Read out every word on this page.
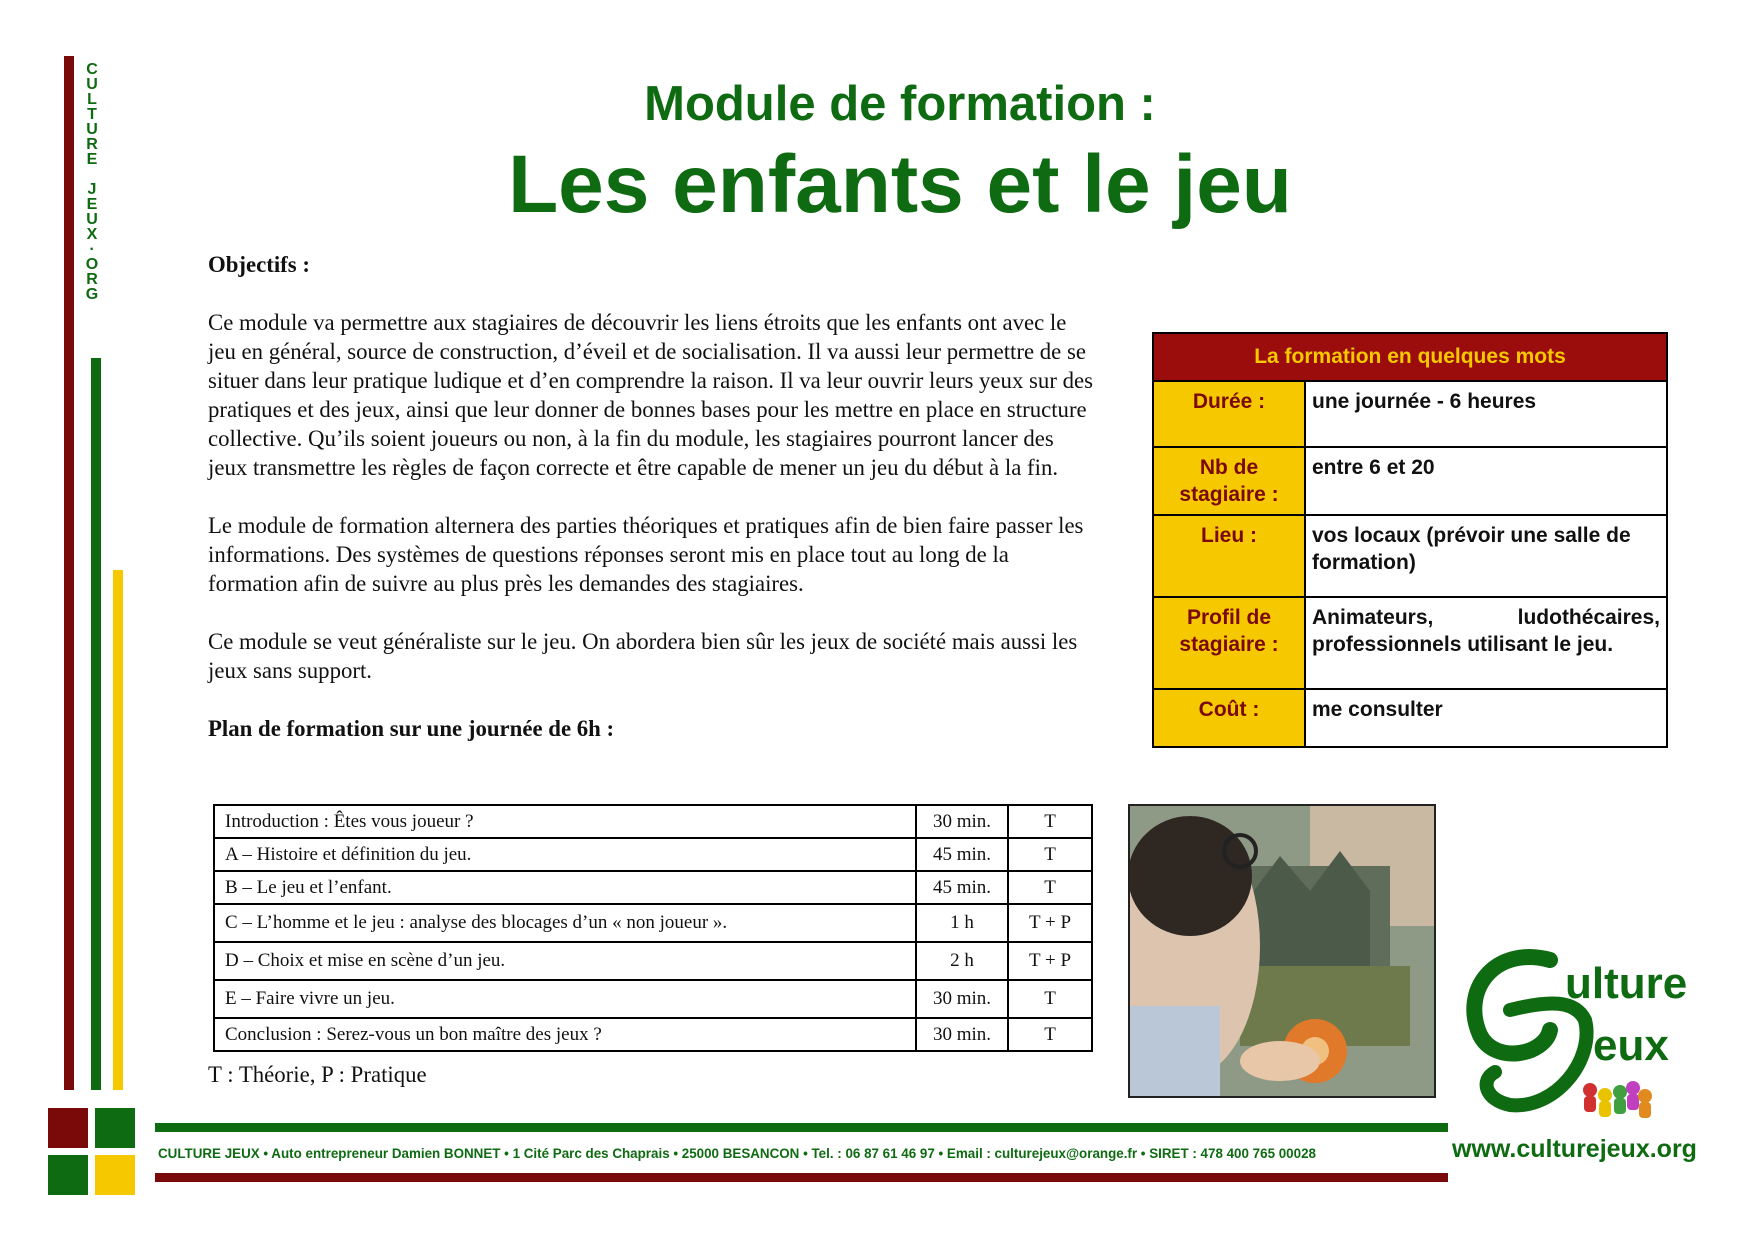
C
U
L
T
U
R
E
J
E
U
X
·
O
R
G
Module de formation :
Les enfants et le jeu
Objectifs :

Ce module va permettre aux stagiaires de découvrir les liens étroits que les enfants ont avec le jeu en général, source de construction, d’éveil et de socialisation. Il va aussi leur permettre de se situer dans leur pratique ludique et d’en comprendre la raison. Il va leur ouvrir leurs yeux sur des pratiques et des jeux, ainsi que leur donner de bonnes bases pour les mettre en place en structure collective. Qu’ils soient joueurs ou non, à la fin du module, les stagiaires pourront lancer des jeux transmettre les règles de façon correcte et être capable de mener un jeu du début à la fin.

Le module de formation alternera des parties théoriques et pratiques afin de bien faire passer les informations. Des systèmes de questions réponses seront mis en place tout au long de la formation afin de suivre au plus près les demandes des stagiaires.

Ce module se veut généraliste sur le jeu. On abordera bien sûr les jeux de société mais aussi les jeux sans support.

Plan de formation sur une journée de 6h :
Introduction : Êtes vous joueur ?	30 min.	T
A – Histoire et définition du jeu.	45 min.	T
B – Le jeu et l’enfant.	45 min.	T
C – L’homme et le jeu : analyse des blocages d’un « non joueur ».	1 h	T + P
D – Choix et mise en scène d’un jeu.	2 h	T + P
E – Faire vivre un jeu.	30 min.	T
Conclusion : Serez-vous un bon maître des jeux ?	30 min.	T
T : Théorie, P : Pratique
La formation en quelques mots	
Durée :	une journée - 6 heures
Nb de stagiaire :	entre 6 et 20
Lieu :	vos locaux (prévoir une salle de formation)
Profil de stagiaire :	Animateurs, ludothécaires, professionnels utilisant le jeu.
Coût :	me consulter
ulture
eux
www.culturejeux.org
CULTURE JEUX • Auto entrepreneur Damien BONNET • 1 Cité Parc des Chaprais • 25000 BESANCON • Tel. : 06 87 61 46 97 • Email : culturejeux@orange.fr • SIRET : 478 400 765 00028
